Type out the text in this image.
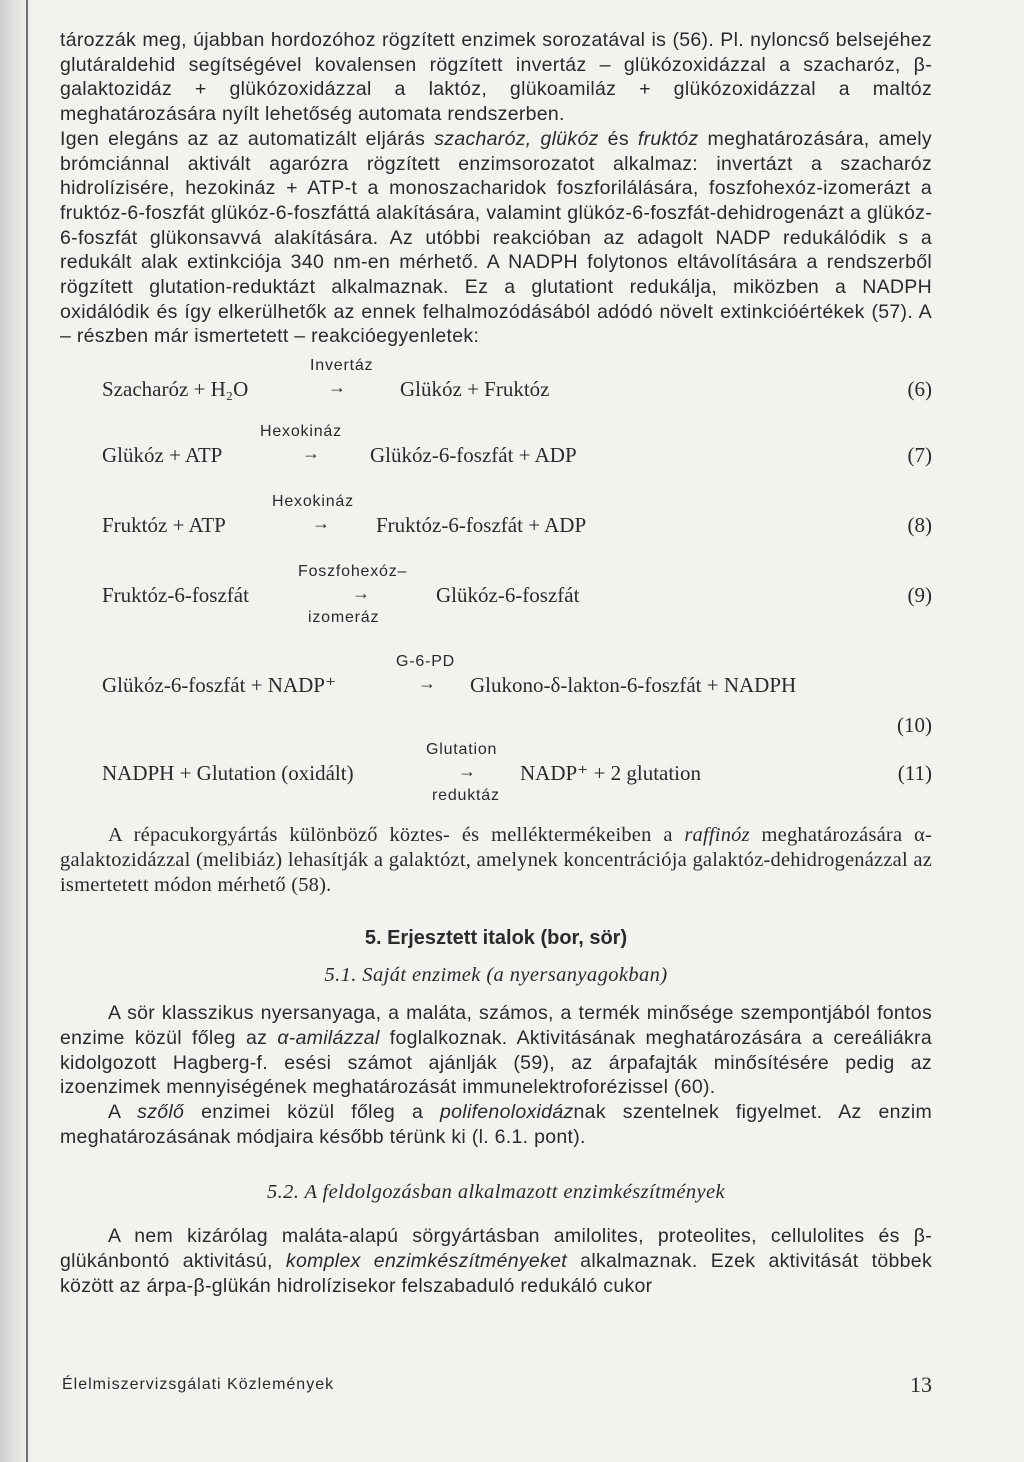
tározzák meg, újabban hordozóhoz rögzített enzimek sorozatával is (56). Pl. nyloncső belsejéhez glutáraldehid segítségével kovalensen rögzített invertáz – glükózoxidázzal a szacharóz, β-galaktozidáz + glükózoxidázzal a laktóz, glükoamiláz + glükózoxidázzal a maltóz meghatározására nyílt lehetőség automata rendszerben.

Igen elegáns az az automatizált eljárás szacharóz, glükóz és fruktóz meghatározására, amely brómciánnal aktivált agarózra rögzített enzimsorozatot alkalmaz: invertázt a szacharóz hidrolízisére, hezokináz + ATP-t a monoszacharidok foszforilálására, foszfohexóz-izomerázt a fruktóz-6-foszfát glükóz-6-foszfáttá alakítására, valamint glükóz-6-foszfát-dehidrogenázt a glükóz-6-foszfát glükonsavvá alakítására. Az utóbbi reakcióban az adagolt NADP redukálódik s a redukált alak extinkciója 340 nm-en mérhető. A NADPH folytonos eltávolítására a rendszerből rögzített glutation-reduktázt alkalmaznak. Ez a glutationt redukálja, miközben a NADPH oxidálódik és így elkerülhetők az ennek felhalmozódásából adódó növelt extinkcióértékek (57). A – részben már ismertetett – reakcióegyenletek:

Invertáz
Szacharóz + H₂O	→	Glükóz + Fruktóz	(6)
Hexokináz
Glükóz + ATP	→ Glükóz-6-foszfát + ADP	(7)
Hexokináz
Fruktóz + ATP	→ Fruktóz-6-foszfát + ADP	(8)
Foszfohexóz–
izomeráz
Fruktóz-6-foszfát	→	Glükóz-6-foszfát	(9)
G-6-PD
Glükóz-6-foszfát + NADP⁺	→ Glukono-δ-lakton-6-foszfát + NADPH
(10)
Glutation
reduktáz
NADPH + Glutation (oxidált)	→ NADP⁺ + 2 glutation	(11)

A répacukorgyártás különböző köztes- és melléktermékeiben a raffinóz meghatározására α-galaktozidázzal (melibiáz) lehasítják a galaktózt, amelynek koncentrációja galaktóz-dehidrogenázzal az ismertetett módon mérhető (58).

5. Erjesztett italok (bor, sör)
5.1. Saját enzimek (a nyersanyagokban)

A sör klasszikus nyersanyaga, a maláta, számos, a termék minősége szempontjából fontos enzime közül főleg az α-amilázzal foglalkoznak. Aktivitásának meghatározására a cereáliákra kidolgozott Hagberg-f. esési számot ajánlják (59), az árpafajták minősítésére pedig az izoenzimek mennyiségének meghatározását immunelektroforézissel (60).

A szőlő enzimei közül főleg a polifenoloxidáznak szentelnek figyelmet. Az enzim meghatározásának módjaira később térünk ki (l. 6.1. pont).

5.2. A feldolgozásban alkalmazott enzimkészítmények

A nem kizárólag maláta-alapú sörgyártásban amilolites, proteolites, cellulolites és β-glükánbontó aktivitású, komplex enzimkészítményeket alkalmaznak. Ezek aktivitását többek között az árpa-β-glükán hidrolízisekor felszabaduló redukáló cukor

Élelmiszervizsgálati Közlemények	13
